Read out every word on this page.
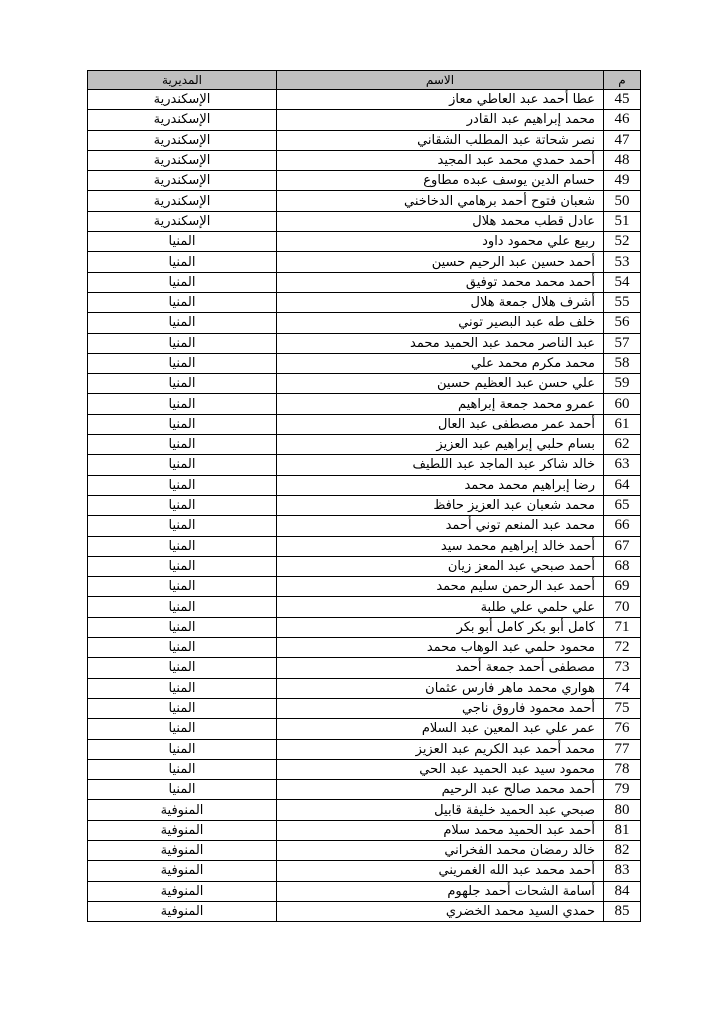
م	الاسم	المديرية
45	عطا أحمد عبد العاطي معاز	الإسكندرية
46	محمد إبراهيم عبد القادر	الإسكندرية
47	نصر شحاتة عبد المطلب الشقاني	الإسكندرية
48	أحمد حمدي محمد عبد المجيد	الإسكندرية
49	حسام الدين يوسف عبده مطاوع	الإسكندرية
50	شعبان فتوح أحمد برهامي الدخاخني	الإسكندرية
51	عادل قطب محمد هلال	الإسكندرية
52	ربيع علي محمود داود	المنيا
53	أحمد حسين عبد الرحيم حسين	المنيا
54	أحمد محمد محمد توفيق	المنيا
55	أشرف هلال جمعة هلال	المنيا
56	خلف طه عبد البصير توني	المنيا
57	عبد الناصر محمد عبد الحميد محمد	المنيا
58	محمد مكرم محمد علي	المنيا
59	علي حسن عبد العظيم حسين	المنيا
60	عمرو محمد جمعة إبراهيم	المنيا
61	أحمد عمر مصطفى عبد العال	المنيا
62	بسام حلبي إبراهيم عبد العزيز	المنيا
63	خالد شاكر عبد الماجد عبد اللطيف	المنيا
64	رضا إبراهيم محمد محمد	المنيا
65	محمد شعبان عبد العزيز حافظ	المنيا
66	محمد عبد المنعم توني أحمد	المنيا
67	أحمد خالد إبراهيم محمد سيد	المنيا
68	أحمد صبحي عبد المعز زيان	المنيا
69	أحمد عبد الرحمن سليم محمد	المنيا
70	علي حلمي علي طلبة	المنيا
71	كامل أبو بكر كامل أبو بكر	المنيا
72	محمود حلمي عبد الوهاب محمد	المنيا
73	مصطفى أحمد جمعة أحمد	المنيا
74	هواري محمد ماهر فارس عثمان	المنيا
75	أحمد محمود فاروق ناجي	المنيا
76	عمر علي عبد المعين عبد السلام	المنيا
77	محمد أحمد عبد الكريم عبد العزيز	المنيا
78	محمود سيد عبد الحميد عبد الحي	المنيا
79	أحمد محمد صالح عبد الرحيم	المنيا
80	صبحي عبد الحميد خليفة قابيل	المنوفية
81	أحمد عبد الحميد محمد سلام	المنوفية
82	خالد رمضان محمد الفخراني	المنوفية
83	أحمد محمد عبد الله الغمريني	المنوفية
84	أسامة الشحات أحمد جلهوم	المنوفية
85	حمدي السيد محمد الخضري	المنوفية
